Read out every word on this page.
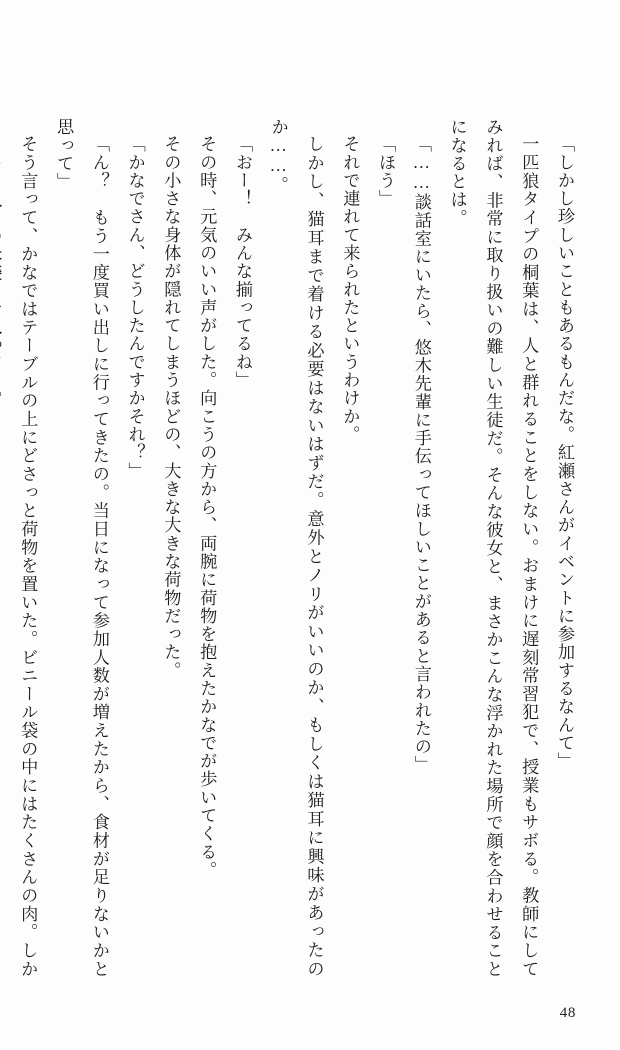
「しかし珍しいこともあるもんだな。紅瀬さんがイベントに参加するなんて」

一匹狼タイプの桐葉は、人と群れることをしない。おまけに遅刻常習犯で、授業もサボる。教師にしてみれば、非常に取り扱いの難しい生徒だ。そんな彼女と、まさかこんな浮かれた場所で顔を合わせることになるとは。

「……談話室にいたら、悠木先輩に手伝ってほしいことがあると言われたの」

「ほう」

それで連れて来られたというわけか。

しかし、猫耳まで着ける必要はないはずだ。意外とノリがいいのか、もしくは猫耳に興味があったのか……。

「おー！　みんな揃ってるね」

その時、元気のいい声がした。向こうの方から、両腕に荷物を抱えたかなでが歩いてくる。

その小さな身体が隠れてしまうほどの、大きな大きな荷物だった。

「かなでさん、どうしたんですかそれ？」

「ん？　もう一度買い出しに行ってきたの。当日になって参加人数が増えたから、食材が足りないかと思って」

そう言って、かなではテーブルの上にどさっと荷物を置いた。ビニール袋の中にはたくさんの肉。しか

48
